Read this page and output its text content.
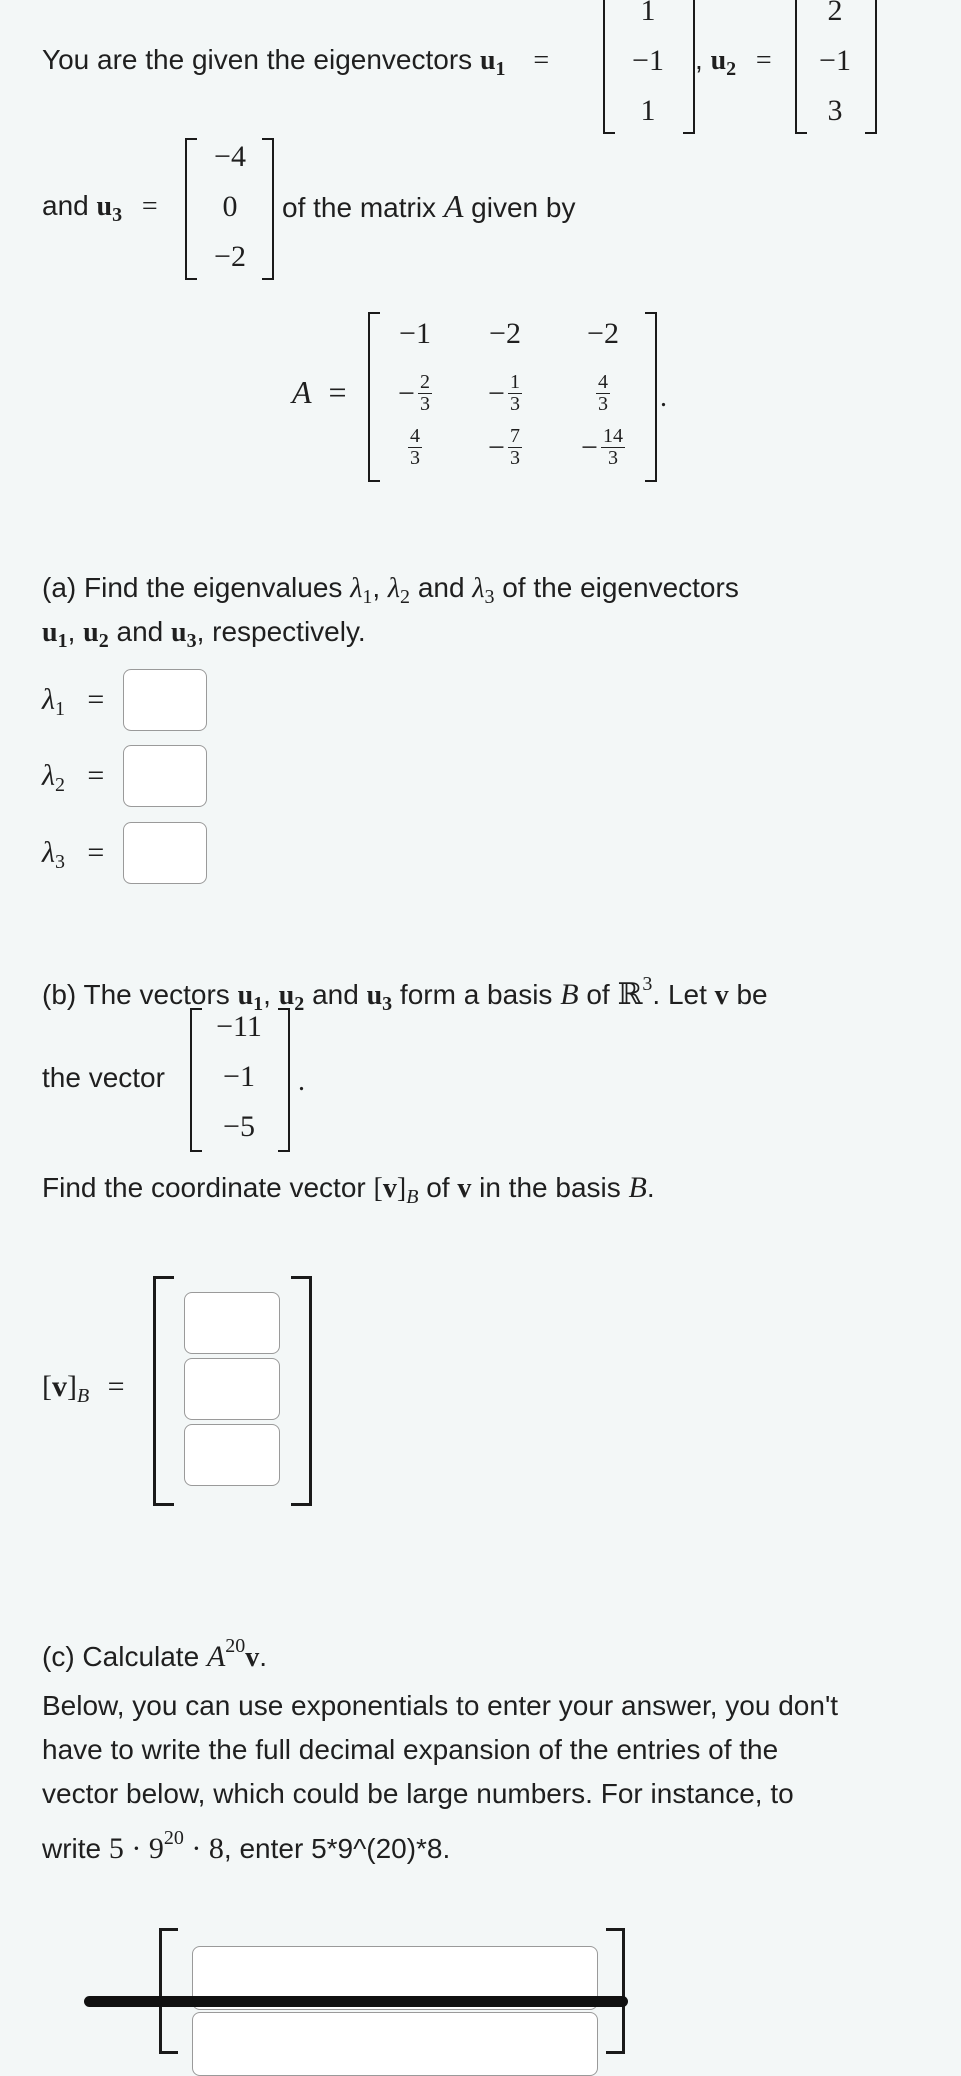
You are the given the eigenvectors $u_1$ =
1
−1
1
, $u_2$ =
2
−1
3
and $u_3$ =
−4
0
−2
of the matrix A given by
A =	.
−1	−2	−2
− $\frac{2}{3}$	− $\frac{1}{3}$	$\frac{4}{3}$
$\frac{4}{3}$	− $\frac{7}{3}$	− $\frac{14}{3}$
(a) Find the eigenvalues $\lambda_1$, $\lambda_2$ and $\lambda_3$ of the eigenvectors
$u_1$, $u_2$ and $u_3$, respectively.
$\lambda_1$ =
$\lambda_2$ =
$\lambda_3$ =
(b) The vectors $u_1$, $u_2$ and $u_3$ form a basis B of ℝ$^3$. Let v be
the vector
−11
−1
−5
.
Find the coordinate vector $[v]_B$ of v in the basis B.
$[v]_B$ =
(c) Calculate $A^{20}v$.
Below, you can use exponentials to enter your answer, you don't
have to write the full decimal expansion of the entries of the
vector below, which could be large numbers. For instance, to
write $5 \cdot 9^{20} \cdot 8$, enter 5*9^(20)*8.
